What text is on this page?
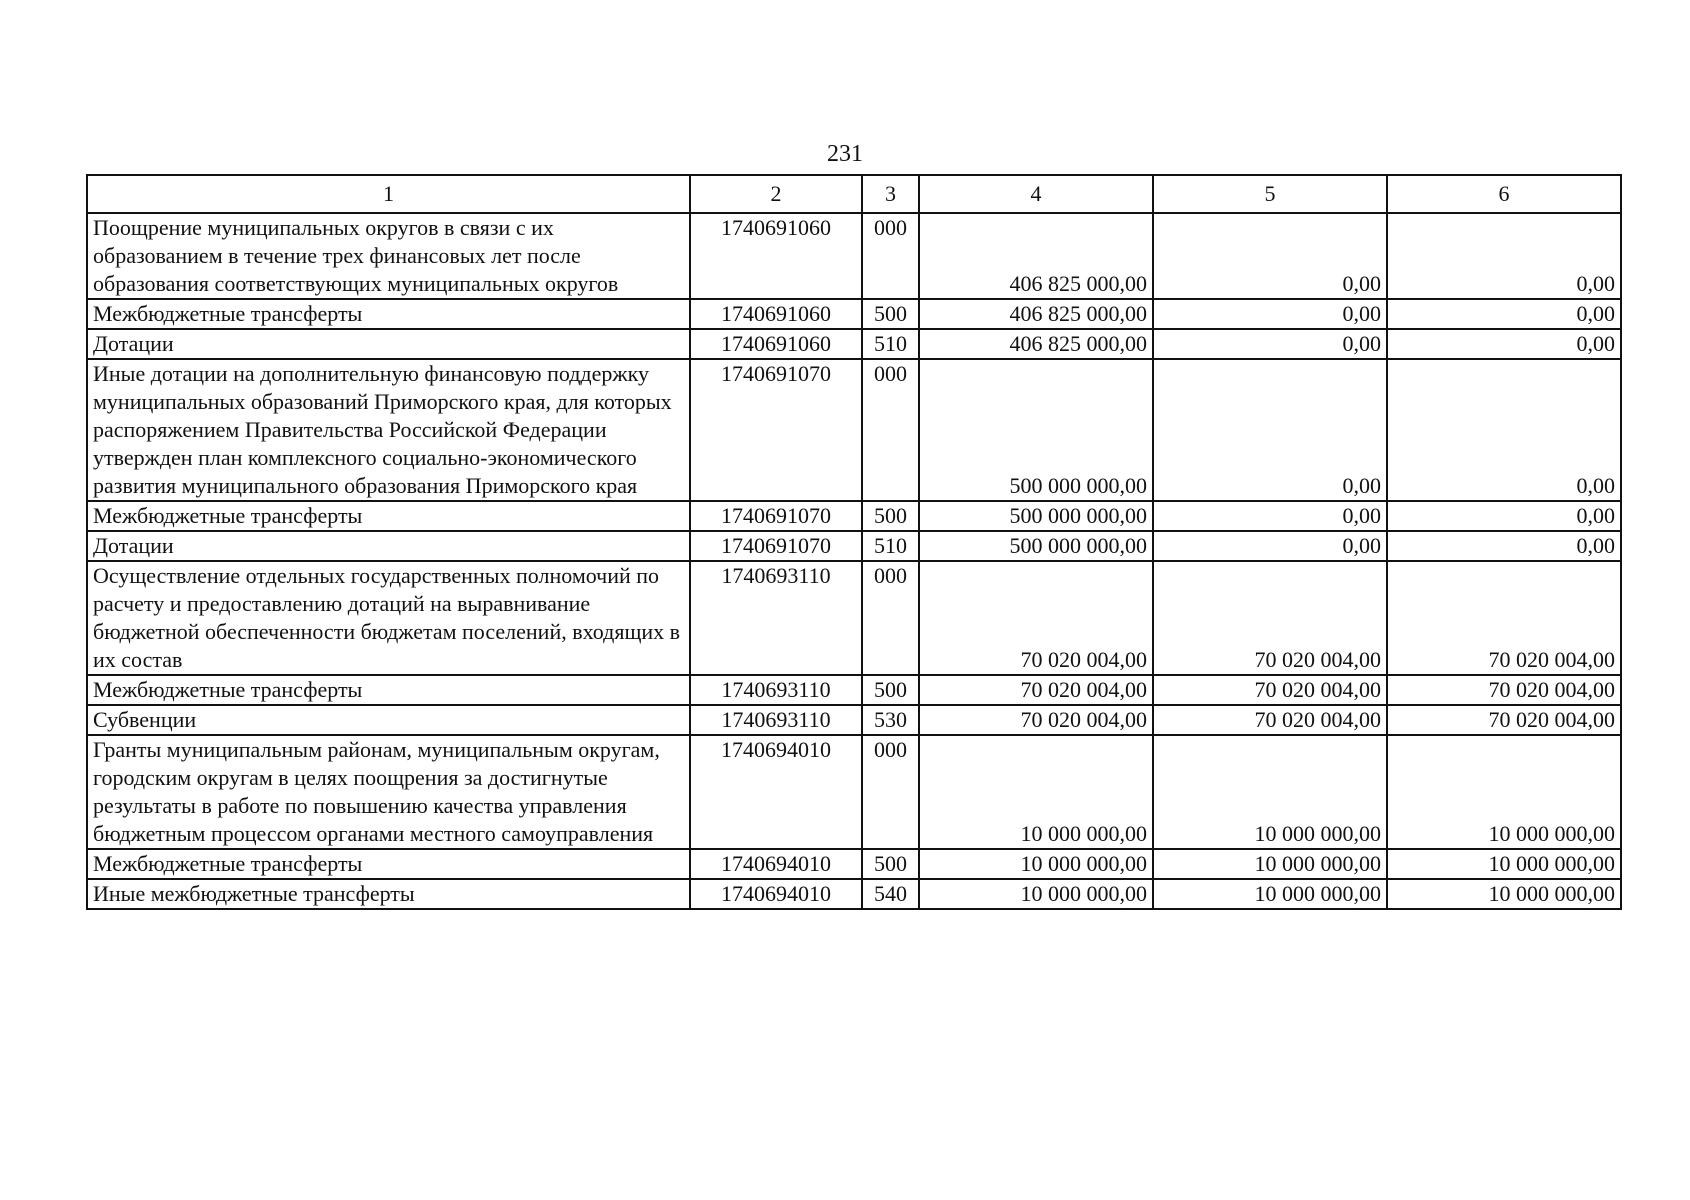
231
1	2	3	4	5	6
Поощрение муниципальных округов в связи с их образованием в течение трех финансовых лет после образования соответствующих муниципальных округов	1740691060	000	406 825 000,00	0,00	0,00
Межбюджетные трансферты	1740691060	500	406 825 000,00	0,00	0,00
Дотации	1740691060	510	406 825 000,00	0,00	0,00
Иные дотации на дополнительную финансовую поддержку муниципальных образований Приморского края, для которых распоряжением Правительства Российской Федерации утвержден план комплексного социально-экономического развития муниципального образования Приморского края	1740691070	000	500 000 000,00	0,00	0,00
Межбюджетные трансферты	1740691070	500	500 000 000,00	0,00	0,00
Дотации	1740691070	510	500 000 000,00	0,00	0,00
Осуществление отдельных государственных полномочий по расчету и предоставлению дотаций на выравнивание бюджетной обеспеченности бюджетам поселений, входящих в их состав	1740693110	000	70 020 004,00	70 020 004,00	70 020 004,00
Межбюджетные трансферты	1740693110	500	70 020 004,00	70 020 004,00	70 020 004,00
Субвенции	1740693110	530	70 020 004,00	70 020 004,00	70 020 004,00
Гранты муниципальным районам, муниципальным округам, городским округам в целях поощрения за достигнутые результаты в работе по повышению качества управления бюджетным процессом органами местного самоуправления	1740694010	000	10 000 000,00	10 000 000,00	10 000 000,00
Межбюджетные трансферты	1740694010	500	10 000 000,00	10 000 000,00	10 000 000,00
Иные межбюджетные трансферты	1740694010	540	10 000 000,00	10 000 000,00	10 000 000,00
